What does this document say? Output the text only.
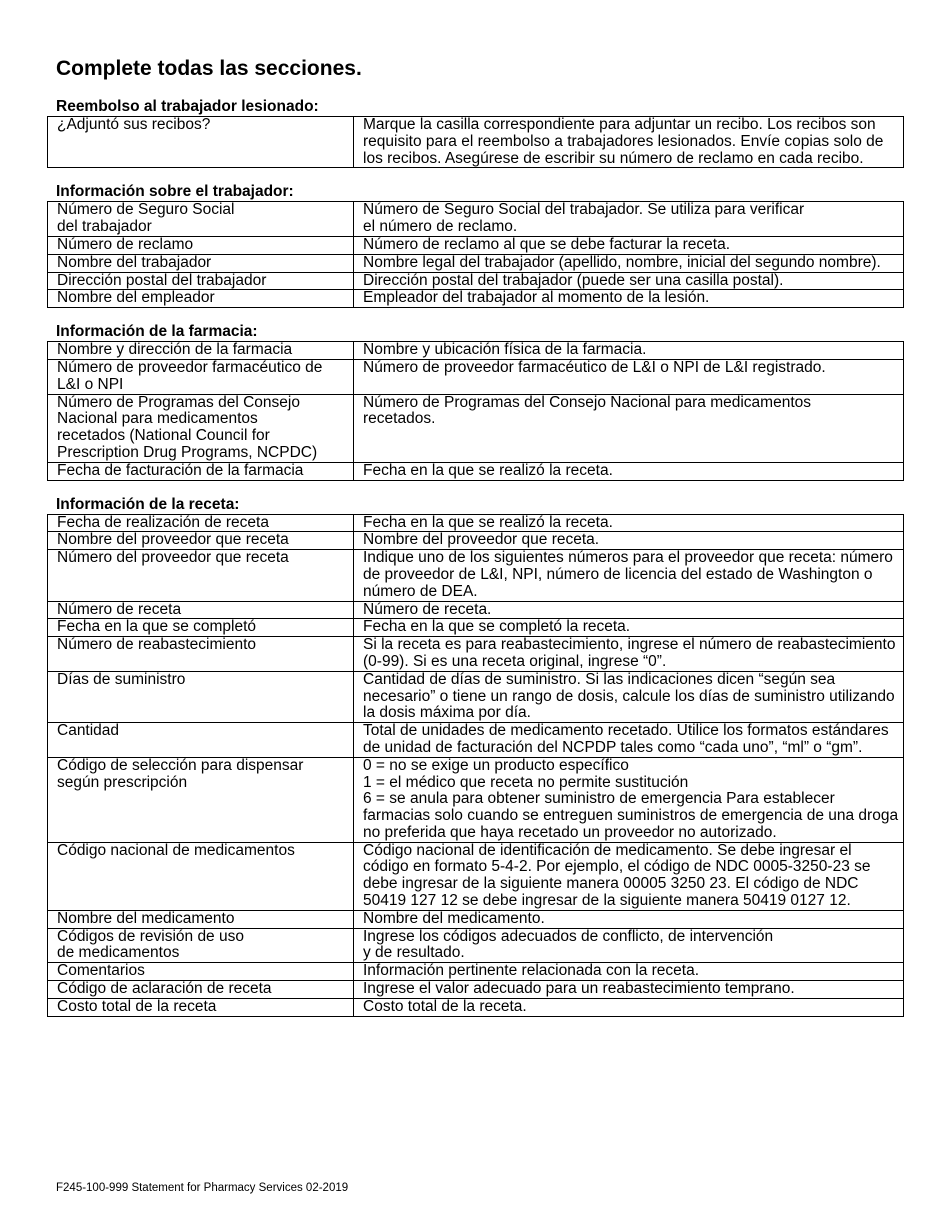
Complete todas las secciones.
Reembolso al trabajador lesionado:
¿Adjuntó sus recibos?	Marque la casilla correspondiente para adjuntar un recibo. Los recibos son requisito para el reembolso a trabajadores lesionados. Envíe copias solo de los recibos. Asegúrese de escribir su número de reclamo en cada recibo.
Información sobre el trabajador:
Número de Seguro Social
del trabajador	Número de Seguro Social del trabajador. Se utiliza para verificar
el número de reclamo.
Número de reclamo	Número de reclamo al que se debe facturar la receta.
Nombre del trabajador	Nombre legal del trabajador (apellido, nombre, inicial del segundo nombre).
Dirección postal del trabajador	Dirección postal del trabajador (puede ser una casilla postal).
Nombre del empleador	Empleador del trabajador al momento de la lesión.
Información de la farmacia:
Nombre y dirección de la farmacia	Nombre y ubicación física de la farmacia.
Número de proveedor farmacéutico de L&I o NPI	Número de proveedor farmacéutico de L&I o NPI de L&I registrado.
Número de Programas del Consejo
Nacional para medicamentos
recetados (National Council for
Prescription Drug Programs, NCPDC)	Número de Programas del Consejo Nacional para medicamentos
recetados.
Fecha de facturación de la farmacia	Fecha en la que se realizó la receta.
Información de la receta:
Fecha de realización de receta	Fecha en la que se realizó la receta.
Nombre del proveedor que receta	Nombre del proveedor que receta.
Número del proveedor que receta	Indique uno de los siguientes números para el proveedor que receta: número de proveedor de L&I, NPI, número de licencia del estado de Washington o número de DEA.
Número de receta	Número de receta.
Fecha en la que se completó	Fecha en la que se completó la receta.
Número de reabastecimiento	Si la receta es para reabastecimiento, ingrese el número de reabastecimiento (0-99). Si es una receta original, ingrese “0”.
Días de suministro	Cantidad de días de suministro. Si las indicaciones dicen “según sea necesario” o tiene un rango de dosis, calcule los días de suministro utilizando la dosis máxima por día.
Cantidad	Total de unidades de medicamento recetado. Utilice los formatos estándares de unidad de facturación del NCPDP tales como “cada uno”, “ml” o “gm”.
Código de selección para dispensar
según prescripción	0 = no se exige un producto específico
1 = el médico que receta no permite sustitución
6 = se anula para obtener suministro de emergencia Para establecer farmacias solo cuando se entreguen suministros de emergencia de una droga no preferida que haya recetado un proveedor no autorizado.
Código nacional de medicamentos	Código nacional de identificación de medicamento. Se debe ingresar el código en formato 5-4-2. Por ejemplo, el código de NDC 0005-3250-23 se debe ingresar de la siguiente manera 00005 3250 23. El código de NDC 50419 127 12 se debe ingresar de la siguiente manera 50419 0127 12.
Nombre del medicamento	Nombre del medicamento.
Códigos de revisión de uso
de medicamentos	Ingrese los códigos adecuados de conflicto, de intervención
y de resultado.
Comentarios	Información pertinente relacionada con la receta.
Código de aclaración de receta	Ingrese el valor adecuado para un reabastecimiento temprano.
Costo total de la receta	Costo total de la receta.
F245-100-999 Statement for Pharmacy Services 02-2019
